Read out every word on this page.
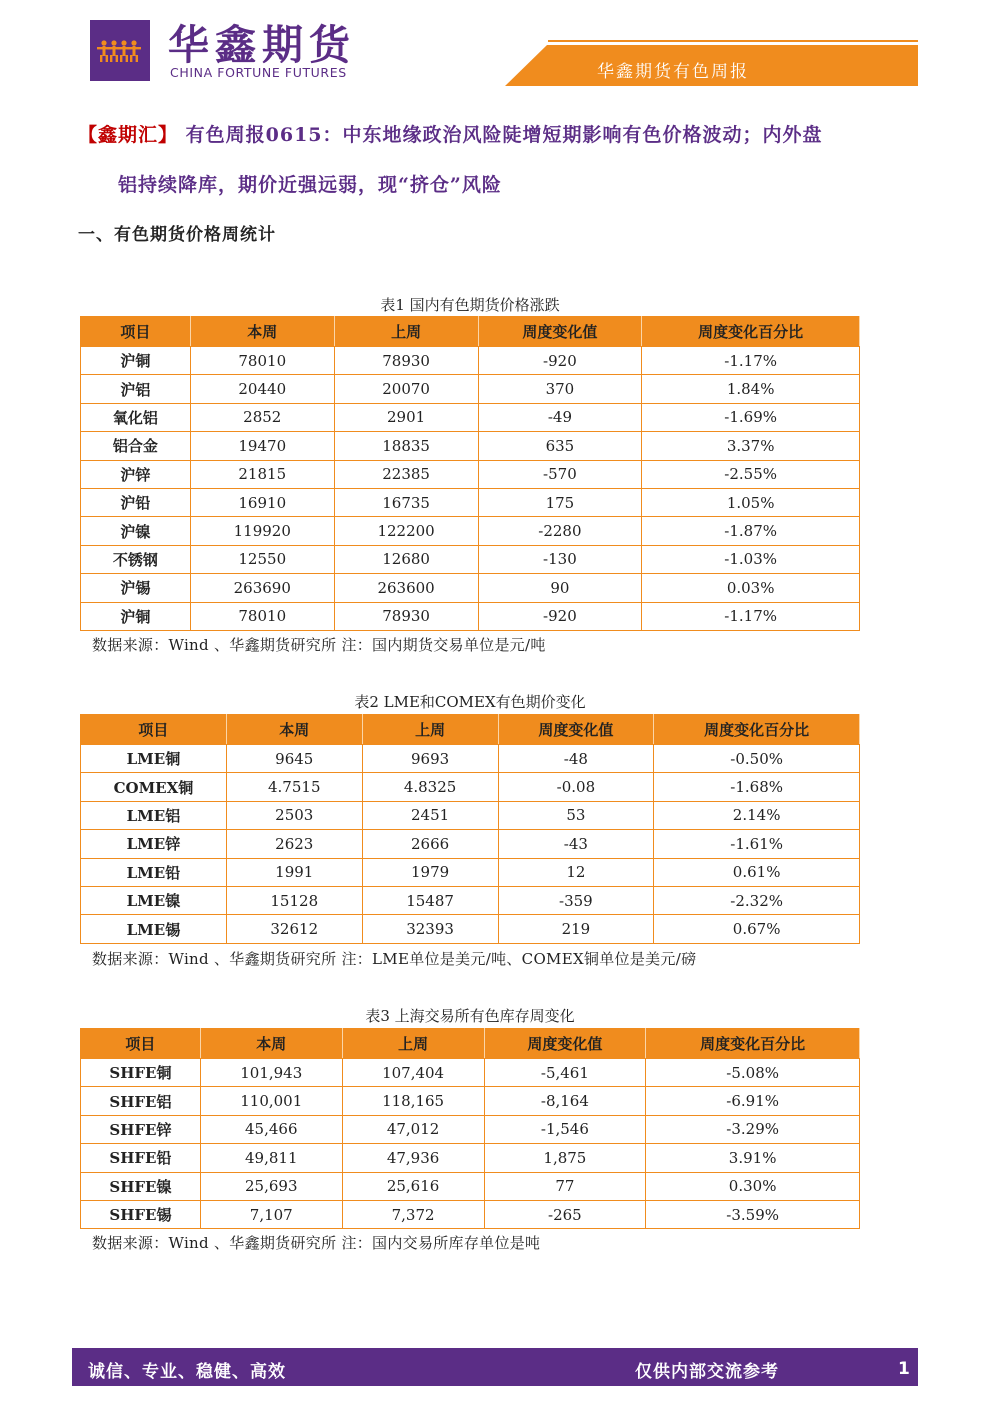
华鑫期货
CHINA FORTUNE FUTURES	华鑫期货有色周报
【鑫期汇】 有色周报0615：中东地缘政治风险陡增短期影响有色价格波动；内外盘
铝持续降库，期价近强远弱，现“挤仓”风险
一、有色期货价格周统计
表1 国内有色期货价格涨跌
项目	本周	上周	周度变化值	周度变化百分比
沪铜	78010	78930	-920	-1.17%
沪铝	20440	20070	370	1.84%
氧化铝	2852	2901	-49	-1.69%
铝合金	19470	18835	635	3.37%
沪锌	21815	22385	-570	-2.55%
沪铅	16910	16735	175	1.05%
沪镍	119920	122200	-2280	-1.87%
不锈钢	12550	12680	-130	-1.03%
沪锡	263690	263600	90	0.03%
沪铜	78010	78930	-920	-1.17%
数据来源：Wind 、华鑫期货研究所 注：国内期货交易单位是元/吨
表2 LME和COMEX有色期价变化
项目	本周	上周	周度变化值	周度变化百分比
LME铜	9645	9693	-48	-0.50%
COMEX铜	4.7515	4.8325	-0.08	-1.68%
LME铝	2503	2451	53	2.14%
LME锌	2623	2666	-43	-1.61%
LME铅	1991	1979	12	0.61%
LME镍	15128	15487	-359	-2.32%
LME锡	32612	32393	219	0.67%
数据来源：Wind 、华鑫期货研究所 注：LME单位是美元/吨、COMEX铜单位是美元/磅
表3 上海交易所有色库存周变化
项目	本周	上周	周度变化值	周度变化百分比
SHFE铜	101,943	107,404	-5,461	-5.08%
SHFE铝	110,001	118,165	-8,164	-6.91%
SHFE锌	45,466	47,012	-1,546	-3.29%
SHFE铅	49,811	47,936	1,875	3.91%
SHFE镍	25,693	25,616	77	0.30%
SHFE锡	7,107	7,372	-265	-3.59%
数据来源：Wind 、华鑫期货研究所 注：国内交易所库存单位是吨
诚信、专业、稳健、高效	仅供内部交流参考	1
